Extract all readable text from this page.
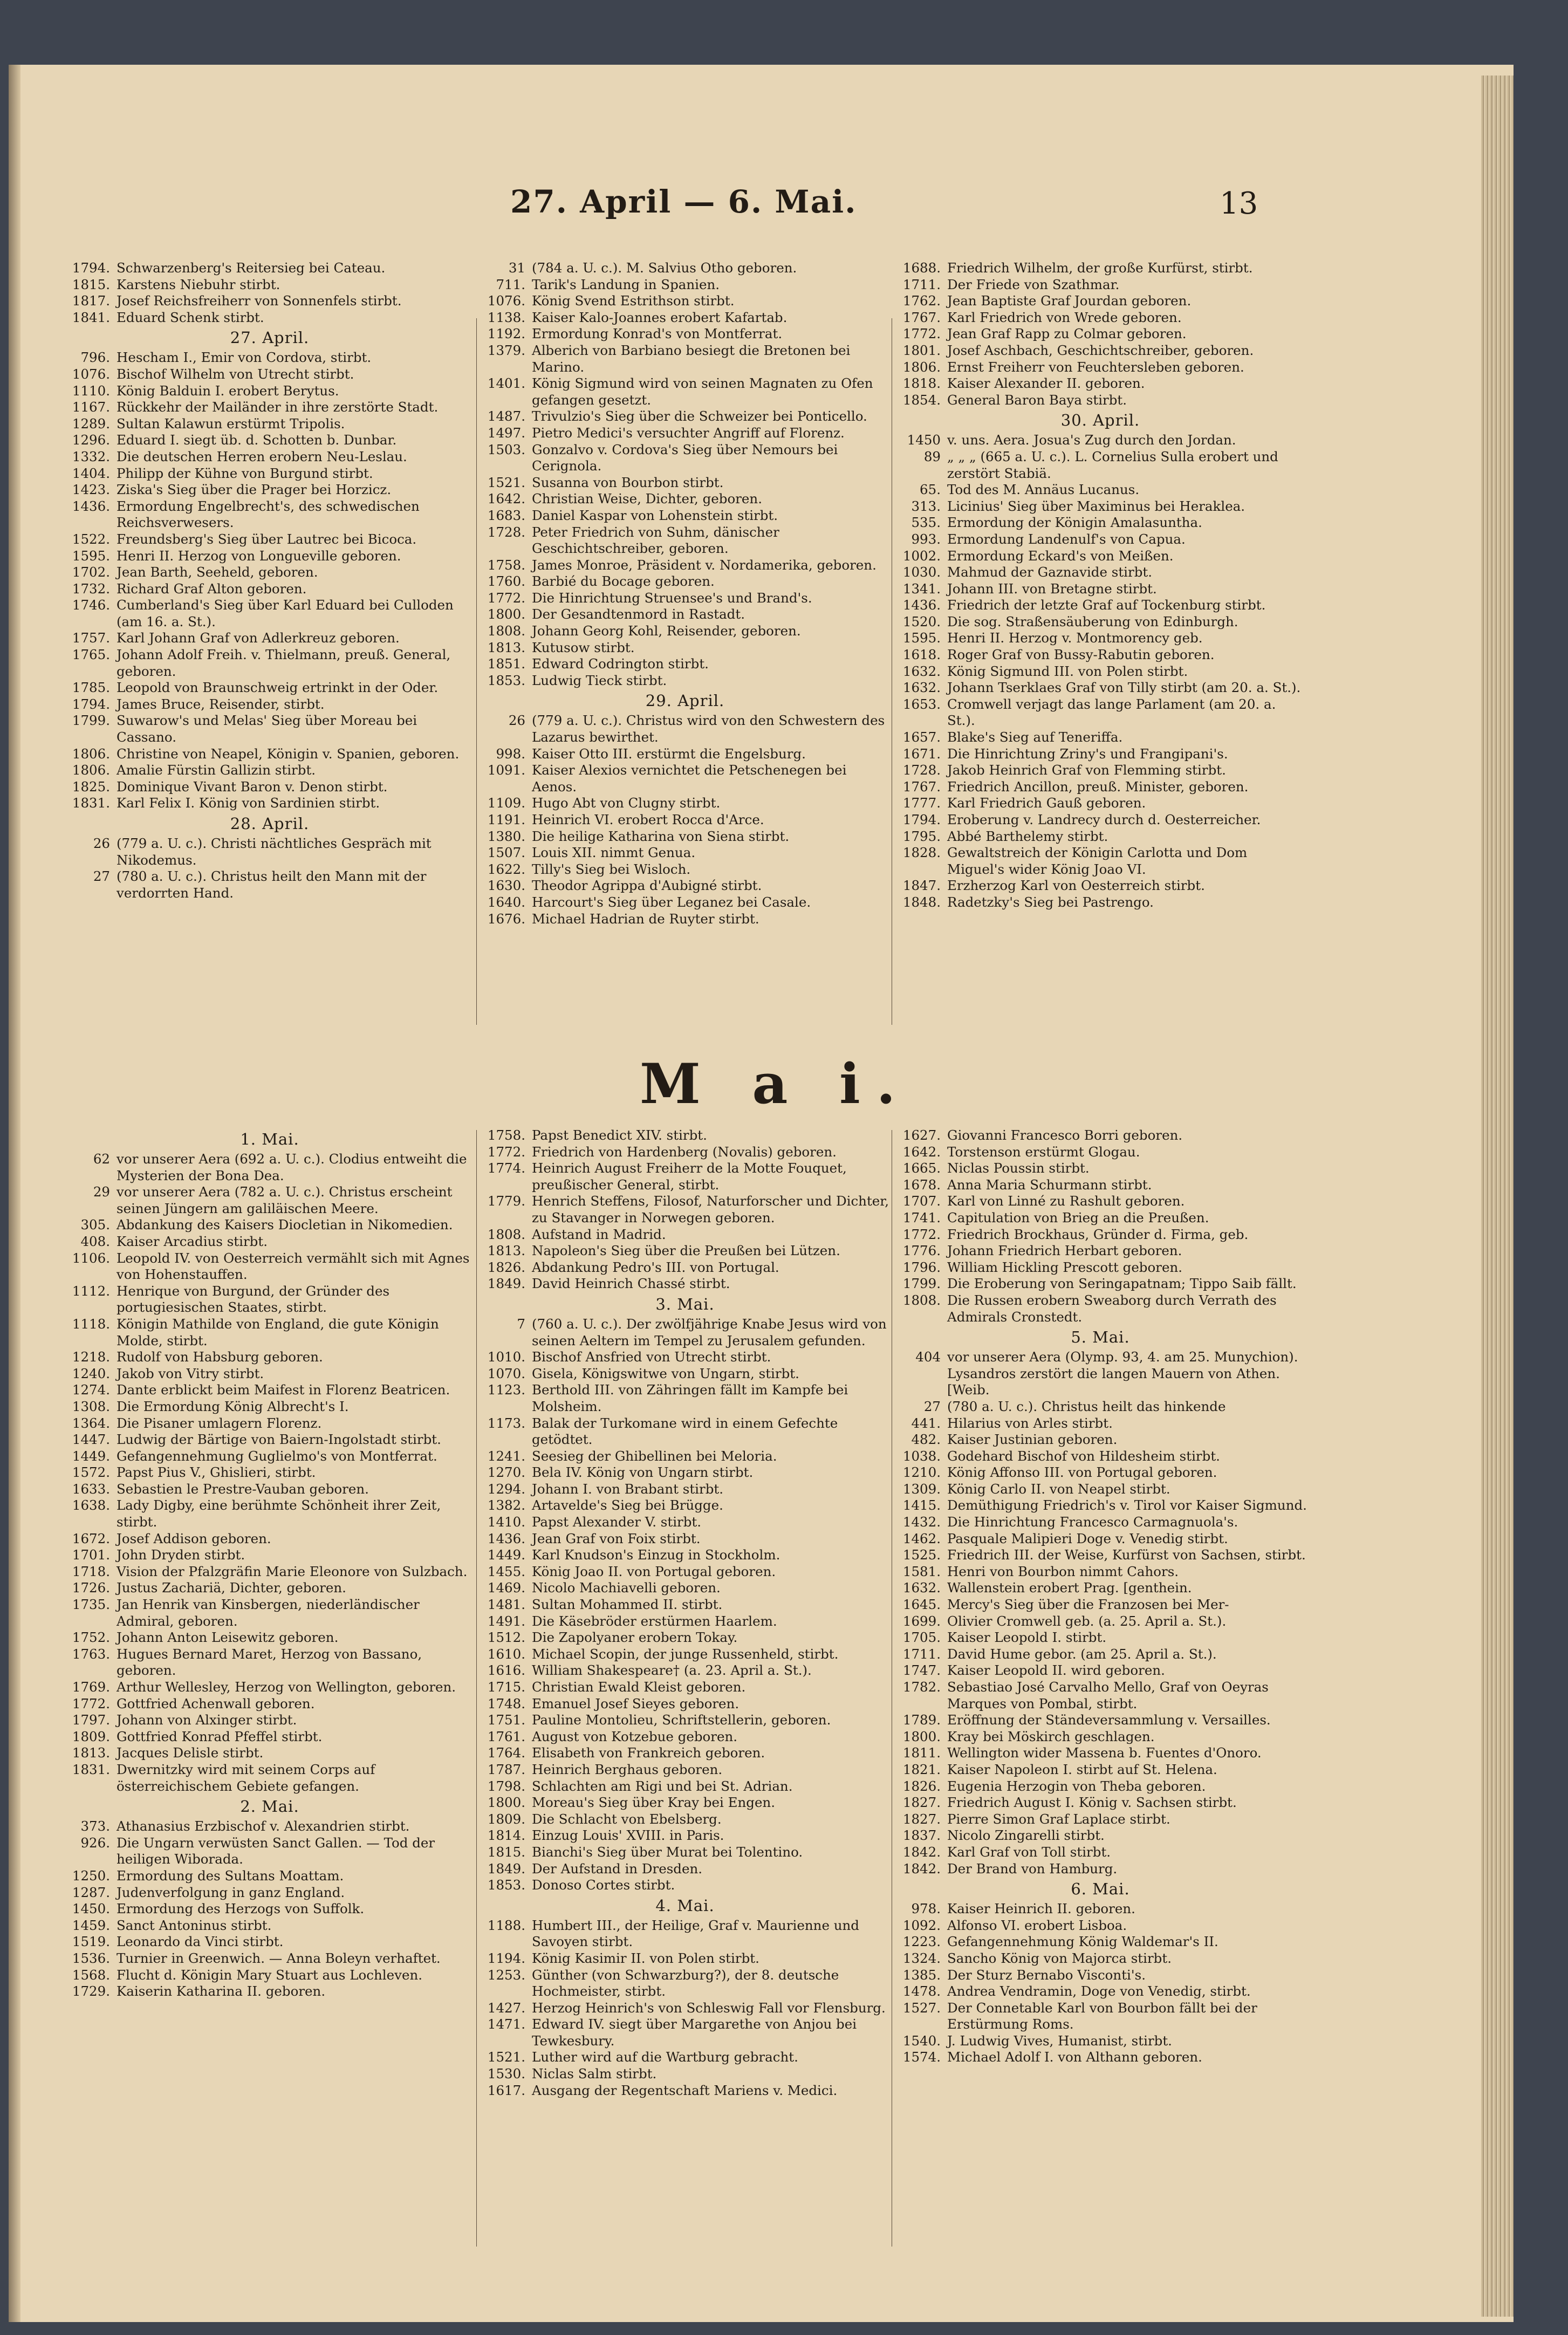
27. April — 6. Mai.	13
1794. Schwarzenberg's Reitersieg bei Cateau.
1815. Karstens Niebuhr stirbt.
1817. Josef Reichsfreiherr von Sonnenfels stirbt.
1841. Eduard Schenk stirbt.
27. April.
796. Hescham I., Emir von Cordova, stirbt.
1076. Bischof Wilhelm von Utrecht stirbt.
1110. König Balduin I. erobert Berytus.
1167. Rückkehr der Mailänder in ihre zerstörte Stadt.
1289. Sultan Kalawun erstürmt Tripolis.
1296. Eduard I. siegt üb. d. Schotten b. Dunbar.
1332. Die deutschen Herren erobern Neu-Leslau.
1404. Philipp der Kühne von Burgund stirbt.
1423. Ziska's Sieg über die Prager bei Horzicz.
1436. Ermordung Engelbrecht's, des schwedischen Reichsverwesers.
1522. Freundsberg's Sieg über Lautrec bei Bicoca.
1595. Henri II. Herzog von Longueville geboren.
1702. Jean Barth, Seeheld, geboren.
1732. Richard Graf Alton geboren.
1746. Cumberland's Sieg über Karl Eduard bei Culloden (am 16. a. St.).
1757. Karl Johann Graf von Adlerkreuz geboren.
1765. Johann Adolf Freih. v. Thielmann, preuß. General, geboren.
1785. Leopold von Braunschweig ertrinkt in der Oder.
1794. James Bruce, Reisender, stirbt.
1799. Suwarow's und Melas' Sieg über Moreau bei Cassano.
1806. Christine von Neapel, Königin v. Spanien, geboren.
1806. Amalie Fürstin Gallizin stirbt.
1825. Dominique Vivant Baron v. Denon stirbt.
1831. Karl Felix I. König von Sardinien stirbt.
28. April.
26 (779 a. U. c.). Christi nächtliches Gespräch mit Nikodemus.
27 (780 a. U. c.). Christus heilt den Mann mit der verdorrten Hand.
31 (784 a. U. c.). M. Salvius Otho geboren.
711. Tarik's Landung in Spanien.
1076. König Svend Estrithson stirbt.
1138. Kaiser Kalo-Joannes erobert Kafartab.
1192. Ermordung Konrad's von Montferrat.
1379. Alberich von Barbiano besiegt die Bretonen bei Marino.
1401. König Sigmund wird von seinen Magnaten zu Ofen gefangen gesetzt.
1487. Trivulzio's Sieg über die Schweizer bei Ponticello.
1497. Pietro Medici's versuchter Angriff auf Florenz.
1503. Gonzalvo v. Cordova's Sieg über Nemours bei Cerignola.
1521. Susanna von Bourbon stirbt.
1642. Christian Weise, Dichter, geboren.
1683. Daniel Kaspar von Lohenstein stirbt.
1728. Peter Friedrich von Suhm, dänischer Geschichtschreiber, geboren.
1758. James Monroe, Präsident v. Nordamerika, geboren.
1760. Barbié du Bocage geboren.
1772. Die Hinrichtung Struensee's und Brand's.
1800. Der Gesandtenmord in Rastadt.
1808. Johann Georg Kohl, Reisender, geboren.
1813. Kutusow stirbt.
1851. Edward Codrington stirbt.
1853. Ludwig Tieck stirbt.
29. April.
26 (779 a. U. c.). Christus wird von den Schwestern des Lazarus bewirthet.
998. Kaiser Otto III. erstürmt die Engelsburg.
1091. Kaiser Alexios vernichtet die Petschenegen bei Aenos.
1109. Hugo Abt von Clugny stirbt.
1191. Heinrich VI. erobert Rocca d'Arce.
1380. Die heilige Katharina von Siena stirbt.
1507. Louis XII. nimmt Genua.
1622. Tilly's Sieg bei Wisloch.
1630. Theodor Agrippa d'Aubigné stirbt.
1640. Harcourt's Sieg über Leganez bei Casale.
1676. Michael Hadrian de Ruyter stirbt.
1688. Friedrich Wilhelm, der große Kurfürst, stirbt.
1711. Der Friede von Szathmar.
1762. Jean Baptiste Graf Jourdan geboren.
1767. Karl Friedrich von Wrede geboren.
1772. Jean Graf Rapp zu Colmar geboren.
1801. Josef Aschbach, Geschichtschreiber, geboren.
1806. Ernst Freiherr von Feuchtersleben geboren.
1818. Kaiser Alexander II. geboren.
1854. General Baron Baya stirbt.
30. April.
1450 v. uns. Aera. Josua's Zug durch den Jordan.
89 „ „ „ (665 a. U. c.). L. Cornelius Sulla erobert und zerstört Stabiä.
65. Tod des M. Annäus Lucanus.
313. Licinius' Sieg über Maximinus bei Heraklea.
535. Ermordung der Königin Amalasuntha.
993. Ermordung Landenulf's von Capua.
1002. Ermordung Eckard's von Meißen.
1030. Mahmud der Gaznavide stirbt.
1341. Johann III. von Bretagne stirbt.
1436. Friedrich der letzte Graf auf Tockenburg stirbt.
1520. Die sog. Straßensäuberung von Edinburgh.
1595. Henri II. Herzog v. Montmorency geb.
1618. Roger Graf von Bussy-Rabutin geboren.
1632. König Sigmund III. von Polen stirbt.
1632. Johann Tserklaes Graf von Tilly stirbt (am 20. a. St.).
1653. Cromwell verjagt das lange Parlament (am 20. a. St.).
1657. Blake's Sieg auf Teneriffa.
1671. Die Hinrichtung Zriny's und Frangipani's.
1728. Jakob Heinrich Graf von Flemming stirbt.
1767. Friedrich Ancillon, preuß. Minister, geboren.
1777. Karl Friedrich Gauß geboren.
1794. Eroberung v. Landrecy durch d. Oesterreicher.
1795. Abbé Barthelemy stirbt.
1828. Gewaltstreich der Königin Carlotta und Dom Miguel's wider König Joao VI.
1847. Erzherzog Karl von Oesterreich stirbt.
1848. Radetzky's Sieg bei Pastrengo.
M a i.
1. Mai.
62 vor unserer Aera (692 a. U. c.). Clodius entweiht die Mysterien der Bona Dea.
29 vor unserer Aera (782 a. U. c.). Christus erscheint seinen Jüngern am galiläischen Meere.
305. Abdankung des Kaisers Diocletian in Nikomedien.
408. Kaiser Arcadius stirbt.
1106. Leopold IV. von Oesterreich vermählt sich mit Agnes von Hohenstauffen.
1112. Henrique von Burgund, der Gründer des portugiesischen Staates, stirbt.
1118. Königin Mathilde von England, die gute Königin Molde, stirbt.
1218. Rudolf von Habsburg geboren.
1240. Jakob von Vitry stirbt.
1274. Dante erblickt beim Maifest in Florenz Beatricen.
1308. Die Ermordung König Albrecht's I.
1364. Die Pisaner umlagern Florenz.
1447. Ludwig der Bärtige von Baiern-Ingolstadt stirbt.
1449. Gefangennehmung Guglielmo's von Montferrat.
1572. Papst Pius V., Ghislieri, stirbt.
1633. Sebastien le Prestre-Vauban geboren.
1638. Lady Digby, eine berühmte Schönheit ihrer Zeit, stirbt.
1672. Josef Addison geboren.
1701. John Dryden stirbt.
1718. Vision der Pfalzgräfin Marie Eleonore von Sulzbach.
1726. Justus Zachariä, Dichter, geboren.
1735. Jan Henrik van Kinsbergen, niederländischer Admiral, geboren.
1752. Johann Anton Leisewitz geboren.
1763. Hugues Bernard Maret, Herzog von Bassano, geboren.
1769. Arthur Wellesley, Herzog von Wellington, geboren.
1772. Gottfried Achenwall geboren.
1797. Johann von Alxinger stirbt.
1809. Gottfried Konrad Pfeffel stirbt.
1813. Jacques Delisle stirbt.
1831. Dwernitzky wird mit seinem Corps auf österreichischem Gebiete gefangen.
2. Mai.
373. Athanasius Erzbischof v. Alexandrien stirbt.
926. Die Ungarn verwüsten Sanct Gallen. — Tod der heiligen Wiborada.
1250. Ermordung des Sultans Moattam.
1287. Judenverfolgung in ganz England.
1450. Ermordung des Herzogs von Suffolk.
1459. Sanct Antoninus stirbt.
1519. Leonardo da Vinci stirbt.
1536. Turnier in Greenwich. — Anna Boleyn verhaftet.
1568. Flucht d. Königin Mary Stuart aus Lochleven.
1729. Kaiserin Katharina II. geboren.
1758. Papst Benedict XIV. stirbt.
1772. Friedrich von Hardenberg (Novalis) geboren.
1774. Heinrich August Freiherr de la Motte Fouquet, preußischer General, stirbt.
1779. Henrich Steffens, Filosof, Naturforscher und Dichter, zu Stavanger in Norwegen geboren.
1808. Aufstand in Madrid.
1813. Napoleon's Sieg über die Preußen bei Lützen.
1826. Abdankung Pedro's III. von Portugal.
1849. David Heinrich Chassé stirbt.
3. Mai.
7 (760 a. U. c.). Der zwölfjährige Knabe Jesus wird von seinen Aeltern im Tempel zu Jerusalem gefunden.
1010. Bischof Ansfried von Utrecht stirbt.
1070. Gisela, Königswitwe von Ungarn, stirbt.
1123. Berthold III. von Zähringen fällt im Kampfe bei Molsheim.
1173. Balak der Turkomane wird in einem Gefechte getödtet.
1241. Seesieg der Ghibellinen bei Meloria.
1270. Bela IV. König von Ungarn stirbt.
1294. Johann I. von Brabant stirbt.
1382. Artavelde's Sieg bei Brügge.
1410. Papst Alexander V. stirbt.
1436. Jean Graf von Foix stirbt.
1449. Karl Knudson's Einzug in Stockholm.
1455. König Joao II. von Portugal geboren.
1469. Nicolo Machiavelli geboren.
1481. Sultan Mohammed II. stirbt.
1491. Die Käsebröder erstürmen Haarlem.
1512. Die Zapolyaner erobern Tokay.
1610. Michael Scopin, der junge Russenheld, stirbt.
1616. William Shakespeare† (a. 23. April a. St.).
1715. Christian Ewald Kleist geboren.
1748. Emanuel Josef Sieyes geboren.
1751. Pauline Montolieu, Schriftstellerin, geboren.
1761. August von Kotzebue geboren.
1764. Elisabeth von Frankreich geboren.
1787. Heinrich Berghaus geboren.
1798. Schlachten am Rigi und bei St. Adrian.
1800. Moreau's Sieg über Kray bei Engen.
1809. Die Schlacht von Ebelsberg.
1814. Einzug Louis' XVIII. in Paris.
1815. Bianchi's Sieg über Murat bei Tolentino.
1849. Der Aufstand in Dresden.
1853. Donoso Cortes stirbt.
4. Mai.
1188. Humbert III., der Heilige, Graf v. Maurienne und Savoyen stirbt.
1194. König Kasimir II. von Polen stirbt.
1253. Günther (von Schwarzburg?), der 8. deutsche Hochmeister, stirbt.
1427. Herzog Heinrich's von Schleswig Fall vor Flensburg.
1471. Edward IV. siegt über Margarethe von Anjou bei Tewkesbury.
1521. Luther wird auf die Wartburg gebracht.
1530. Niclas Salm stirbt.
1617. Ausgang der Regentschaft Mariens v. Medici.
1627. Giovanni Francesco Borri geboren.
1642. Torstenson erstürmt Glogau.
1665. Niclas Poussin stirbt.
1678. Anna Maria Schurmann stirbt.
1707. Karl von Linné zu Rashult geboren.
1741. Capitulation von Brieg an die Preußen.
1772. Friedrich Brockhaus, Gründer d. Firma, geb.
1776. Johann Friedrich Herbart geboren.
1796. William Hickling Prescott geboren.
1799. Die Eroberung von Seringapatnam; Tippo Saib fällt.
1808. Die Russen erobern Sweaborg durch Verrath des Admirals Cronstedt.
5. Mai.
404 vor unserer Aera (Olymp. 93, 4. am 25. Munychion). Lysandros zerstört die langen Mauern von Athen. [Weib.
27 (780 a. U. c.). Christus heilt das hinkende
441. Hilarius von Arles stirbt.
482. Kaiser Justinian geboren.
1038. Godehard Bischof von Hildesheim stirbt.
1210. König Affonso III. von Portugal geboren.
1309. König Carlo II. von Neapel stirbt.
1415. Demüthigung Friedrich's v. Tirol vor Kaiser Sigmund.
1432. Die Hinrichtung Francesco Carmagnuola's.
1462. Pasquale Malipieri Doge v. Venedig stirbt.
1525. Friedrich III. der Weise, Kurfürst von Sachsen, stirbt.
1581. Henri von Bourbon nimmt Cahors.
1632. Wallenstein erobert Prag. [genthein.
1645. Mercy's Sieg über die Franzosen bei Mer-
1699. Olivier Cromwell geb. (a. 25. April a. St.).
1705. Kaiser Leopold I. stirbt.
1711. David Hume gebor. (am 25. April a. St.).
1747. Kaiser Leopold II. wird geboren.
1782. Sebastiao José Carvalho Mello, Graf von Oeyras Marques von Pombal, stirbt.
1789. Eröffnung der Ständeversammlung v. Versailles.
1800. Kray bei Möskirch geschlagen.
1811. Wellington wider Massena b. Fuentes d'Onoro.
1821. Kaiser Napoleon I. stirbt auf St. Helena.
1826. Eugenia Herzogin von Theba geboren.
1827. Friedrich August I. König v. Sachsen stirbt.
1827. Pierre Simon Graf Laplace stirbt.
1837. Nicolo Zingarelli stirbt.
1842. Karl Graf von Toll stirbt.
1842. Der Brand von Hamburg.
6. Mai.
978. Kaiser Heinrich II. geboren.
1092. Alfonso VI. erobert Lisboa.
1223. Gefangennehmung König Waldemar's II.
1324. Sancho König von Majorca stirbt.
1385. Der Sturz Bernabo Visconti's.
1478. Andrea Vendramin, Doge von Venedig, stirbt.
1527. Der Connetable Karl von Bourbon fällt bei der Erstürmung Roms.
1540. J. Ludwig Vives, Humanist, stirbt.
1574. Michael Adolf I. von Althann geboren.
